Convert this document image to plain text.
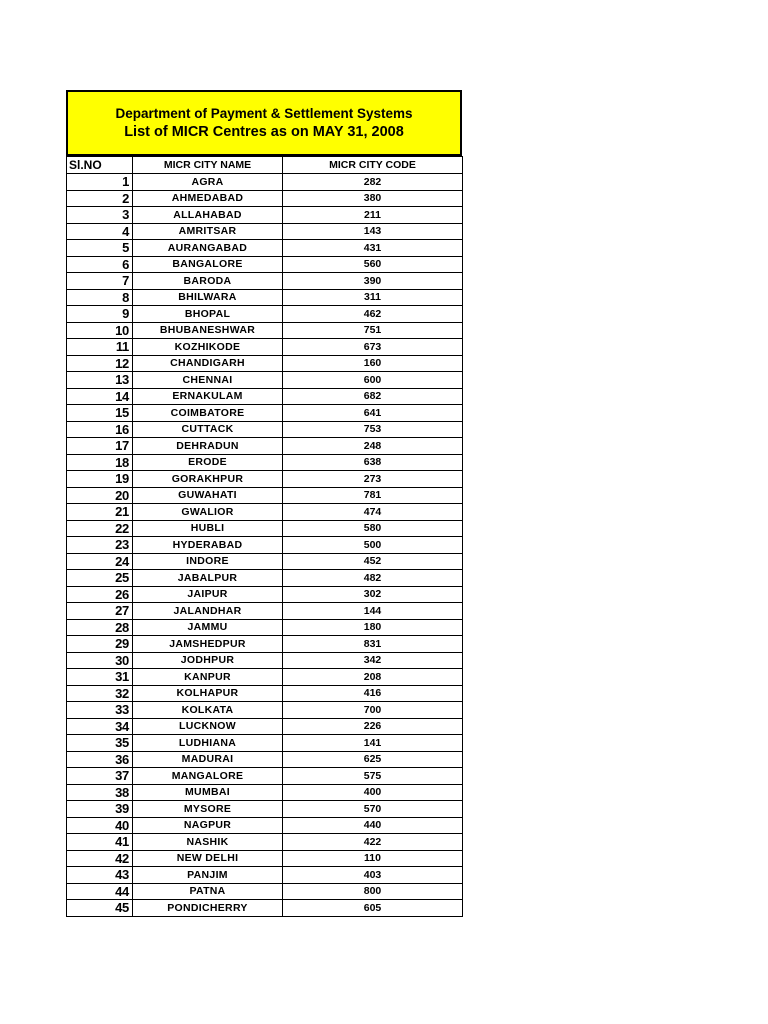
Department of Payment & Settlement Systems
List of MICR Centres as on MAY 31, 2008
Sl.NO	MICR CITY NAME	MICR CITY CODE
1	AGRA	282
2	AHMEDABAD	380
3	ALLAHABAD	211
4	AMRITSAR	143
5	AURANGABAD	431
6	BANGALORE	560
7	BARODA	390
8	BHILWARA	311
9	BHOPAL	462
10	BHUBANESHWAR	751
11	KOZHIKODE	673
12	CHANDIGARH	160
13	CHENNAI	600
14	ERNAKULAM	682
15	COIMBATORE	641
16	CUTTACK	753
17	DEHRADUN	248
18	ERODE	638
19	GORAKHPUR	273
20	GUWAHATI	781
21	GWALIOR	474
22	HUBLI	580
23	HYDERABAD	500
24	INDORE	452
25	JABALPUR	482
26	JAIPUR	302
27	JALANDHAR	144
28	JAMMU	180
29	JAMSHEDPUR	831
30	JODHPUR	342
31	KANPUR	208
32	KOLHAPUR	416
33	KOLKATA	700
34	LUCKNOW	226
35	LUDHIANA	141
36	MADURAI	625
37	MANGALORE	575
38	MUMBAI	400
39	MYSORE	570
40	NAGPUR	440
41	NASHIK	422
42	NEW DELHI	110
43	PANJIM	403
44	PATNA	800
45	PONDICHERRY	605
